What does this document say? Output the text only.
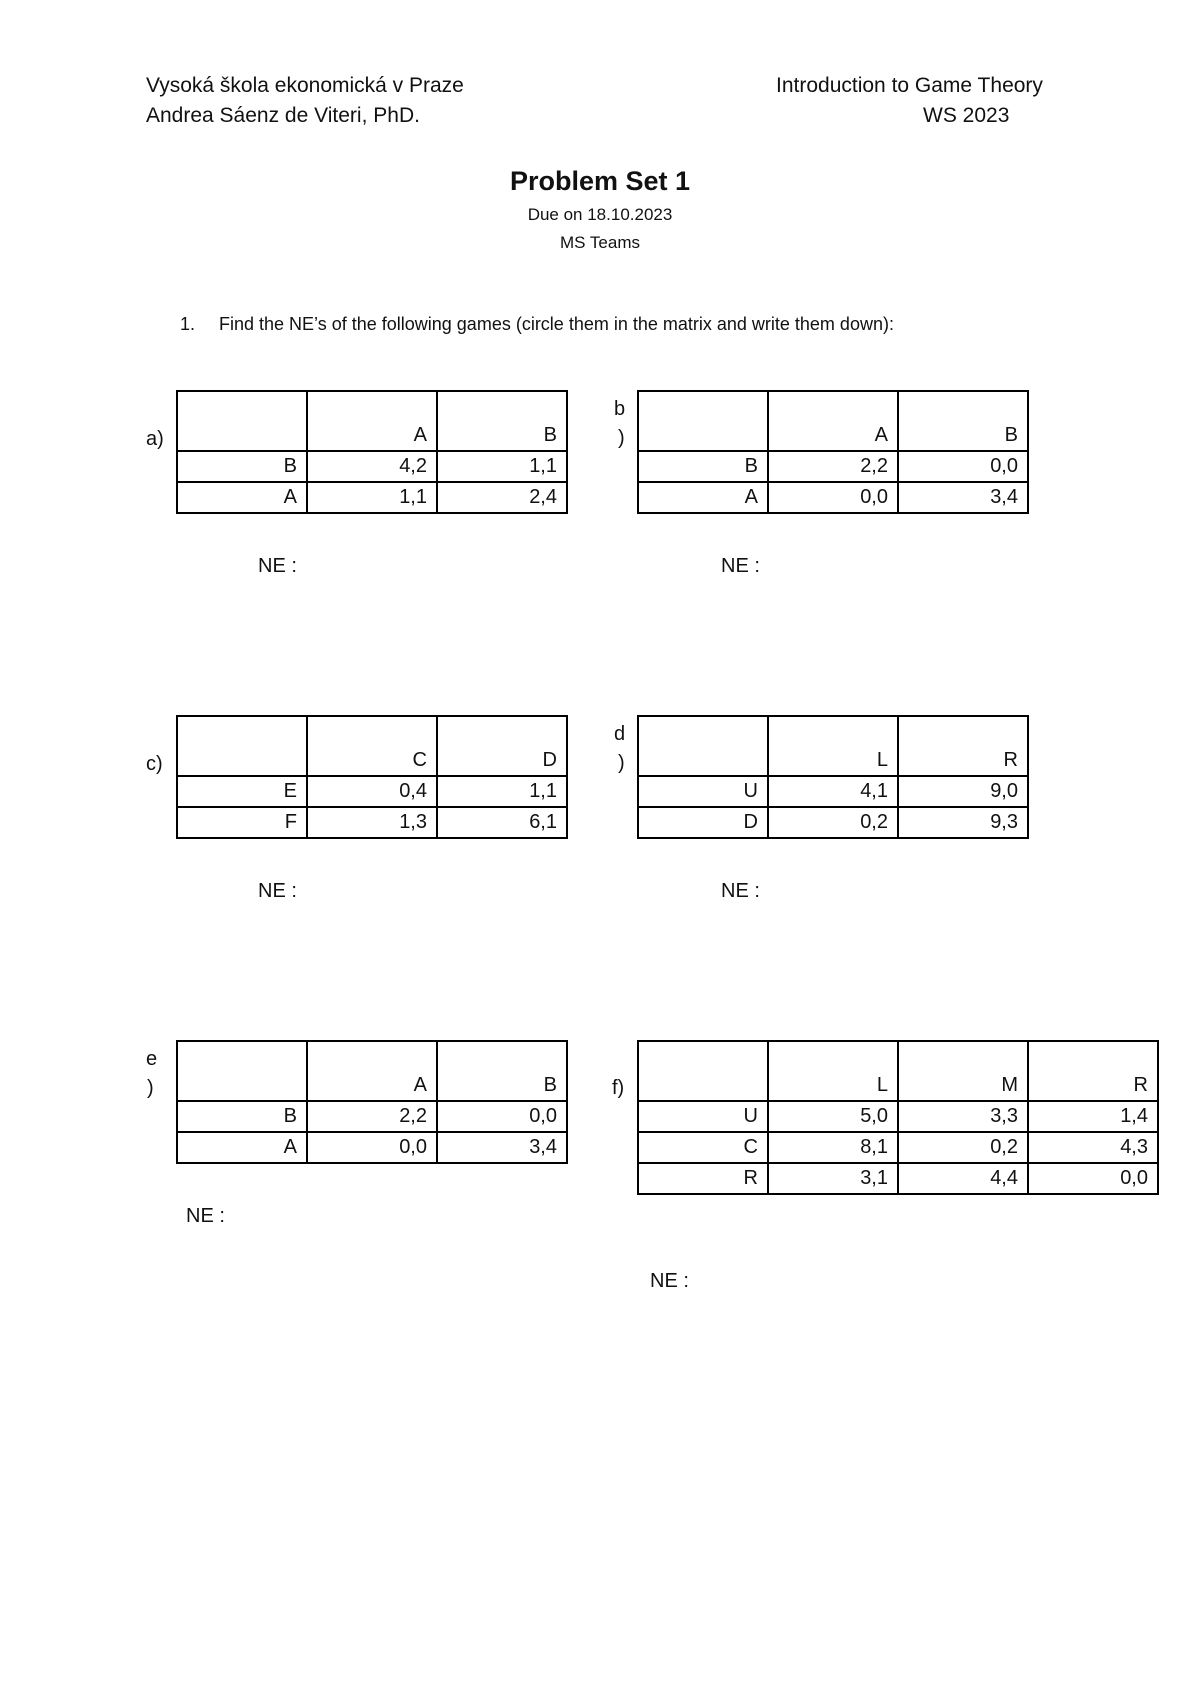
Vysoká škola ekonomická v Praze
Andrea Sáenz de Viteri, PhD.
Introduction to Game Theory
WS 2023
Problem Set 1
Due on 18.10.2023
MS Teams
1. Find the NE’s of the following games (circle them in the matrix and write them down):
a)
		A	B
B	4,2	1,1
A	1,1	2,4
NE :
b
)
		A	B
B	2,2	0,0
A	0,0	3,4
NE :
c)
		C	D
E	0,4	1,1
F	1,3	6,1
NE :
d
)
		L	R
U	4,1	9,0
D	0,2	9,3
NE :
e
)
		A	B
B	2,2	0,0
A	0,0	3,4
NE :
f)
		L	M	R
U	5,0	3,3	1,4
C	8,1	0,2	4,3
R	3,1	4,4	0,0
NE :
